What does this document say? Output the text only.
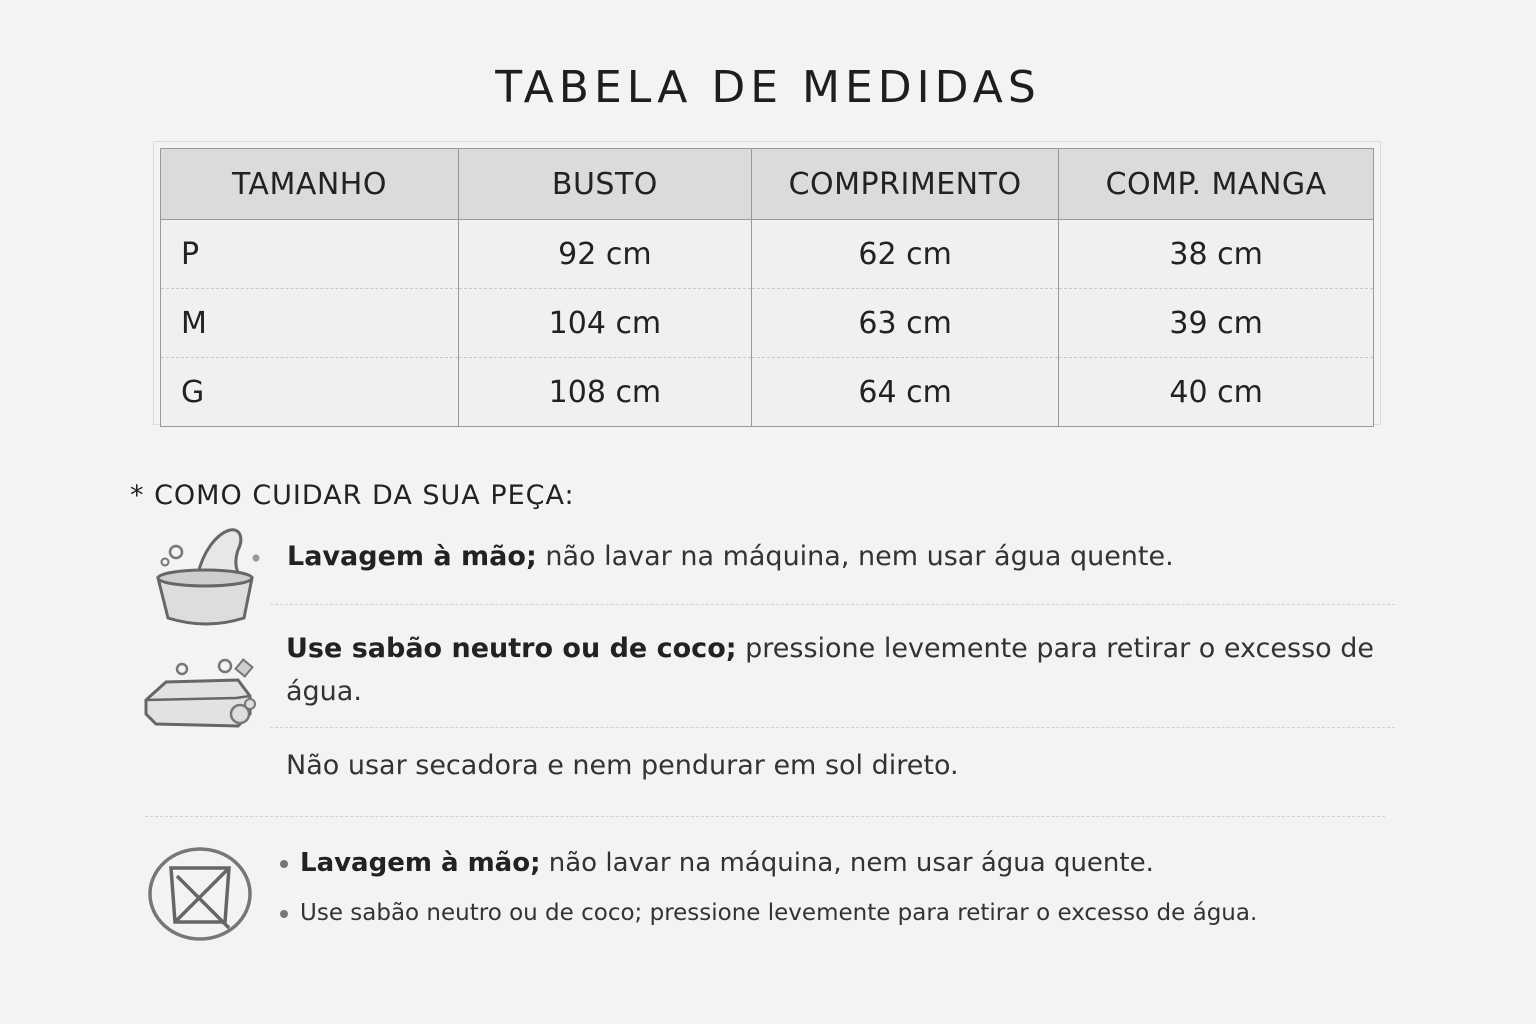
TABELA DE MEDIDAS
TAMANHO	BUSTO	COMPRIMENTO	COMP. MANGA
P	92 cm	62 cm	38 cm
M	104 cm	63 cm	39 cm
G	108 cm	64 cm	40 cm
* COMO CUIDAR DA SUA PEÇA:
Lavagem à mão; não lavar na máquina, nem usar água quente.
Use sabão neutro ou de coco; pressione levemente para retirar o excesso de água.
Não usar secadora e nem pendurar em sol direto.
Lavagem à mão; não lavar na máquina, nem usar água quente.
Use sabão neutro ou de coco; pressione levemente para retirar o excesso de água.
